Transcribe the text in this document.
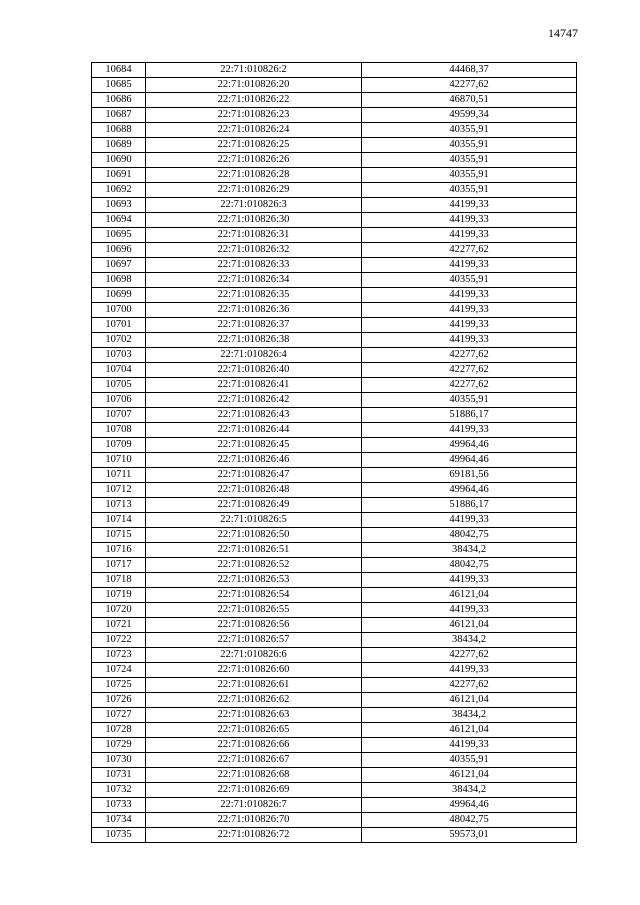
14747
10684	22:71:010826:2	44468,37
10685	22:71:010826:20	42277,62
10686	22:71:010826:22	46870,51
10687	22:71:010826:23	49599,34
10688	22:71:010826:24	40355,91
10689	22:71:010826:25	40355,91
10690	22:71:010826:26	40355,91
10691	22:71:010826:28	40355,91
10692	22:71:010826:29	40355,91
10693	22:71:010826:3	44199,33
10694	22:71:010826:30	44199,33
10695	22:71:010826:31	44199,33
10696	22:71:010826:32	42277,62
10697	22:71:010826:33	44199,33
10698	22:71:010826:34	40355,91
10699	22:71:010826:35	44199,33
10700	22:71:010826:36	44199,33
10701	22:71:010826:37	44199,33
10702	22:71:010826:38	44199,33
10703	22:71:010826:4	42277,62
10704	22:71:010826:40	42277,62
10705	22:71:010826:41	42277,62
10706	22:71:010826:42	40355,91
10707	22:71:010826:43	51886,17
10708	22:71:010826:44	44199,33
10709	22:71:010826:45	49964,46
10710	22:71:010826:46	49964,46
10711	22:71:010826:47	69181,56
10712	22:71:010826:48	49964,46
10713	22:71:010826:49	51886,17
10714	22:71:010826:5	44199,33
10715	22:71:010826:50	48042,75
10716	22:71:010826:51	38434,2
10717	22:71:010826:52	48042,75
10718	22:71:010826:53	44199,33
10719	22:71:010826:54	46121,04
10720	22:71:010826:55	44199,33
10721	22:71:010826:56	46121,04
10722	22:71:010826:57	38434,2
10723	22:71:010826:6	42277,62
10724	22:71:010826:60	44199,33
10725	22:71:010826:61	42277,62
10726	22:71:010826:62	46121,04
10727	22:71:010826:63	38434,2
10728	22:71:010826:65	46121,04
10729	22:71:010826:66	44199,33
10730	22:71:010826:67	40355,91
10731	22:71:010826:68	46121,04
10732	22:71:010826:69	38434,2
10733	22:71:010826:7	49964,46
10734	22:71:010826:70	48042,75
10735	22:71:010826:72	59573,01
